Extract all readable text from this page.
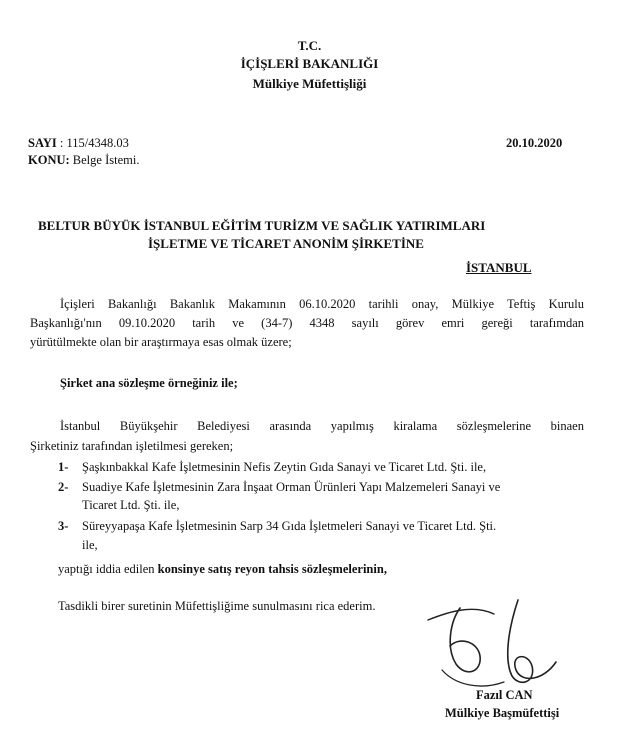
T.C.
İÇİŞLERİ BAKANLIĞI
Mülkiye Müfettişliği
SAYI : 115/4348.03	20.10.2020
KONU: Belge İstemi.
BELTUR BÜYÜK İSTANBUL EĞİTİM TURİZM VE SAĞLIK YATIRIMLARI
İŞLETME VE TİCARET ANONİM ŞİRKETİNE
İSTANBUL
İçişleri Bakanlığı Bakanlık Makamının 06.10.2020 tarihli onay, Mülkiye Teftiş Kurulu
Başkanlığı'nın 09.10.2020 tarih ve (34-7) 4348 sayılı görev emri gereği tarafımdan
yürütülmekte olan bir araştırmaya esas olmak üzere;
Şirket ana sözleşme örneğiniz ile;
İstanbul Büyükşehir Belediyesi arasında yapılmış kiralama sözleşmelerine binaen
Şirketiniz tarafından işletilmesi gereken;
1- Şaşkınbakkal Kafe İşletmesinin Nefis Zeytin Gıda Sanayi ve Ticaret Ltd. Şti. ile,
2- Suadiye Kafe İşletmesinin Zara İnşaat Orman Ürünleri Yapı Malzemeleri Sanayi ve
Ticaret Ltd. Şti. ile,
3- Süreyyapaşa Kafe İşletmesinin Sarp 34 Gıda İşletmeleri Sanayi ve Ticaret Ltd. Şti.
ile,
yaptığı iddia edilen konsinye satış reyon tahsis sözleşmelerinin,
Tasdikli birer suretinin Müfettişliğime sunulmasını rica ederim.
Fazıl CAN
Mülkiye Başmüfettişi
